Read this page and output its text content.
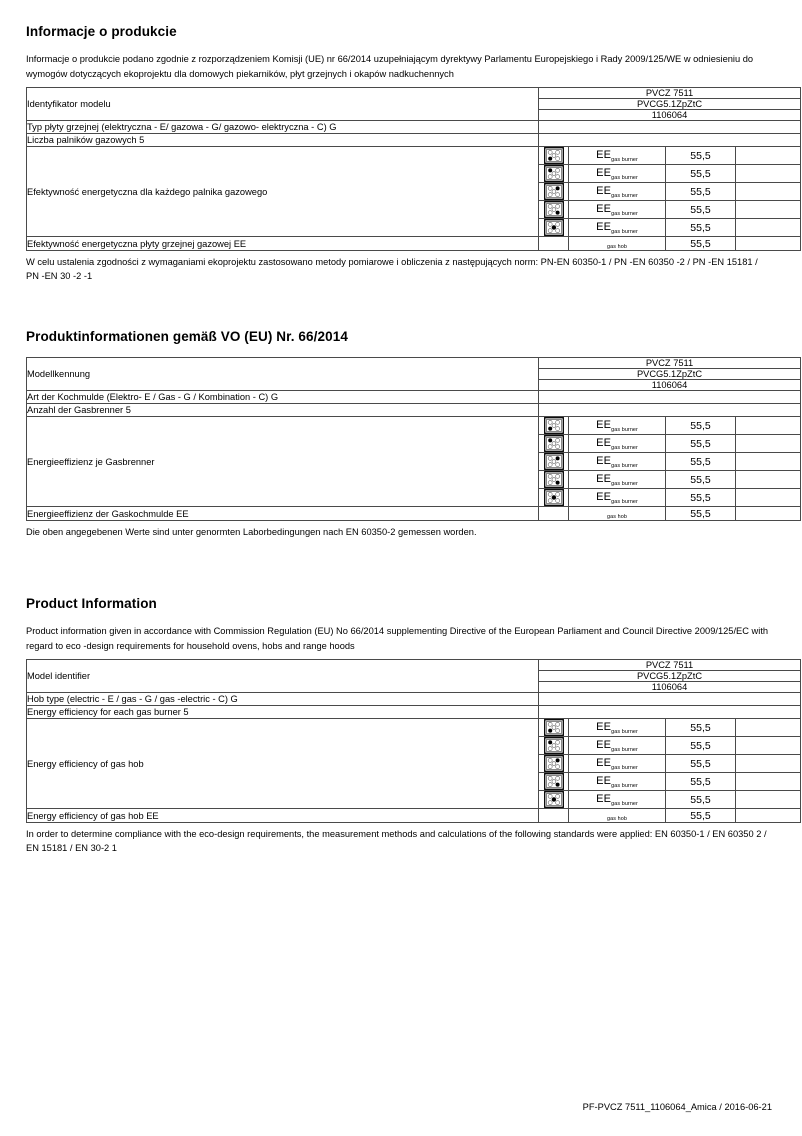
Informacje o produkcie
Informacje o produkcie podano zgodnie z rozporządzeniem Komisji (UE) nr 66/2014 uzupełniającym dyrektywy Parlamentu Europejskiego i Rady 2009/125/WE w odniesieniu do wymogów dotyczących ekoprojektu dla domowych piekarników, płyt grzejnych i okapów nadkuchennych
Identyfikator modelu	PVCZ 7511			
	PVCG5.1ZpZtC			
	1106064			
Typ płyty grzejnej (elektryczna - E/ gazowa - G/ gazowo- elektryczna - C) G				
Liczba palników gazowych 5				
Efektywność energetyczna dla każdego palnika gazowego		$EE_{gas burner}$	55,5	
	$EE_{gas burner}$	55,5	
	$EE_{gas burner}$	55,5	
	$EE_{gas burner}$	55,5	
	$EE_{gas burner}$	55,5	
Efektywność energetyczna płyty grzejnej gazowej EE		gas hob	55,5	
W celu ustalenia zgodności z wymaganiami ekoprojektu zastosowano metody pomiarowe i obliczenia z następujących norm: PN-EN 60350-1 / PN -EN 60350 -2 / PN -EN 15181 / PN -EN 30 -2 -1
Produktinformationen gemäß VO (EU) Nr. 66/2014
Modellkennung	PVCZ 7511			
	PVCG5.1ZpZtC			
	1106064			
Art der Kochmulde (Elektro- E / Gas - G / Kombination - C) G				
Anzahl der Gasbrenner 5				
Energieeffizienz je Gasbrenner		$EE_{gas burner}$	55,5	
	$EE_{gas burner}$	55,5	
	$EE_{gas burner}$	55,5	
	$EE_{gas burner}$	55,5	
	$EE_{gas burner}$	55,5	
Energieeffizienz der Gaskochmulde EE		gas hob	55,5	
Die oben angegebenen Werte sind unter genormten Laborbedingungen nach EN 60350-2 gemessen worden.
Product Information
Product information given in accordance with Commission Regulation (EU) No 66/2014 supplementing Directive of the European Parliament and Council Directive 2009/125/EC with regard to eco -design requirements for household ovens, hobs and range hoods
Model identifier	PVCZ 7511			
	PVCG5.1ZpZtC			
	1106064			
Hob type (electric - E / gas - G / gas -electric - C) G				
Energy efficiency for each gas burner 5				
Energy efficiency of gas hob		$EE_{gas burner}$	55,5	
	$EE_{gas burner}$	55,5	
	$EE_{gas burner}$	55,5	
	$EE_{gas burner}$	55,5	
	$EE_{gas burner}$	55,5	
Energy efficiency of gas hob EE		gas hob	55,5	
In order to determine compliance with the eco-design requirements, the measurement methods and calculations of the following standards were applied: EN 60350-1 / EN 60350 2 / EN 15181 / EN 30-2 1
PF-PVCZ 7511_1106064_Amica / 2016-06-21
